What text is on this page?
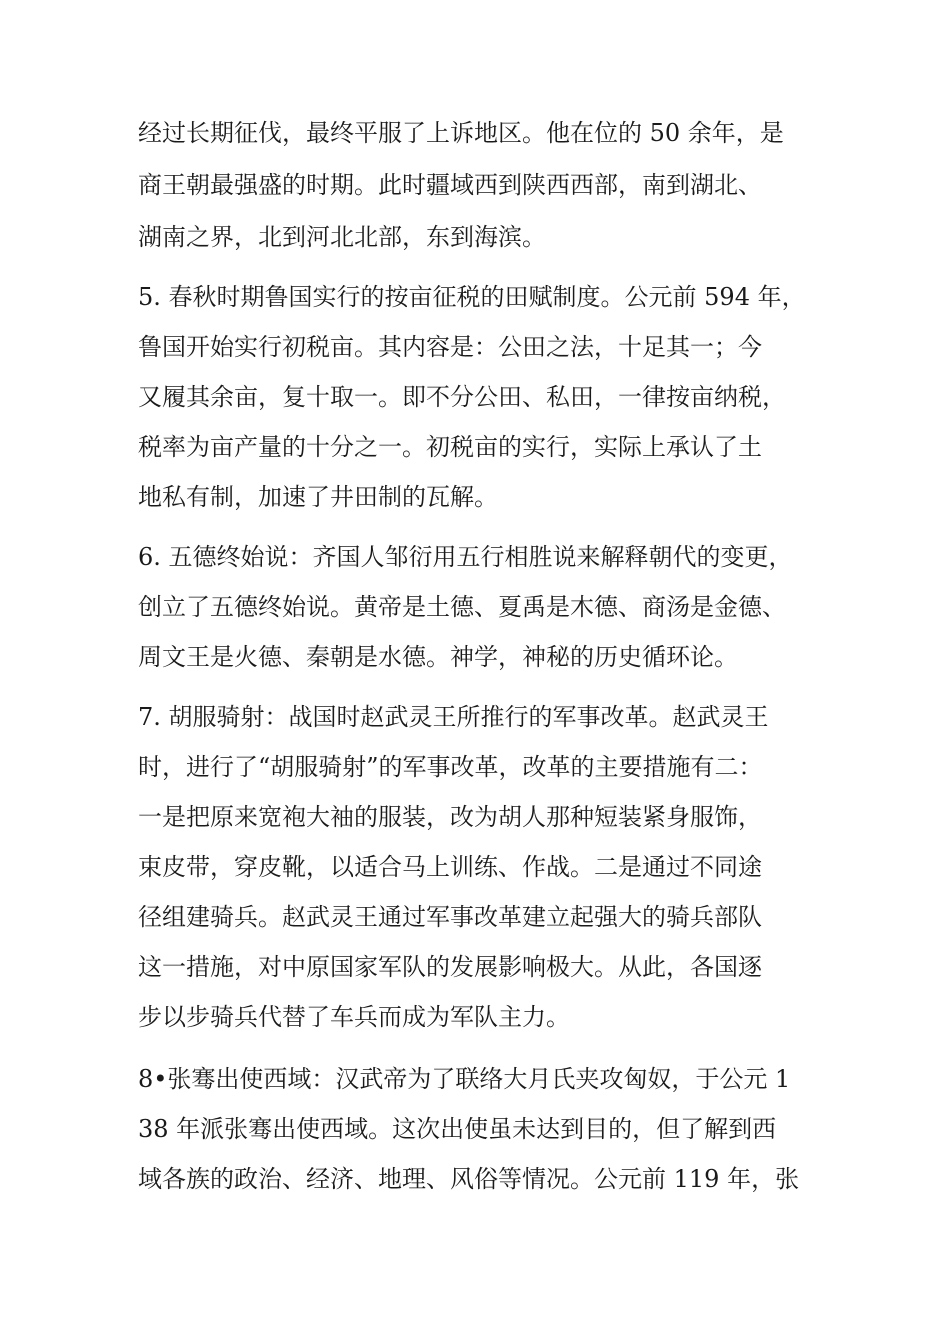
经过长期征伐，最终平服了上诉地区。他在位的 50 余年，是
商王朝最强盛的时期。此时疆域西到陕西西部，南到湖北、
湖南之界，北到河北北部，东到海滨。
5. 春秋时期鲁国实行的按亩征税的田赋制度。公元前 594 年，
鲁国开始实行初税亩。其内容是：公田之法，十足其一；今
又履其余亩，复十取一。即不分公田、私田，一律按亩纳税，
税率为亩产量的十分之一。初税亩的实行，实际上承认了土
地私有制，加速了井田制的瓦解。
6. 五德终始说：齐国人邹衍用五行相胜说来解释朝代的变更，
创立了五德终始说。黄帝是土德、夏禹是木德、商汤是金德、
周文王是火德、秦朝是水德。神学，神秘的历史循环论。
7. 胡服骑射：战国时赵武灵王所推行的军事改革。赵武灵王
时，进行了“胡服骑射”的军事改革，改革的主要措施有二：
一是把原来宽袍大袖的服装，改为胡人那种短装紧身服饰，
束皮带，穿皮靴，以适合马上训练、作战。二是通过不同途
径组建骑兵。赵武灵王通过军事改革建立起强大的骑兵部队
这一措施，对中原国家军队的发展影响极大。从此，各国逐
步以步骑兵代替了车兵而成为军队主力。
8•张骞出使西域：汉武帝为了联络大月氏夹攻匈奴，于公元 1
38 年派张骞出使西域。这次出使虽未达到目的，但了解到西
域各族的政治、经济、地理、风俗等情况。公元前 119 年，张
